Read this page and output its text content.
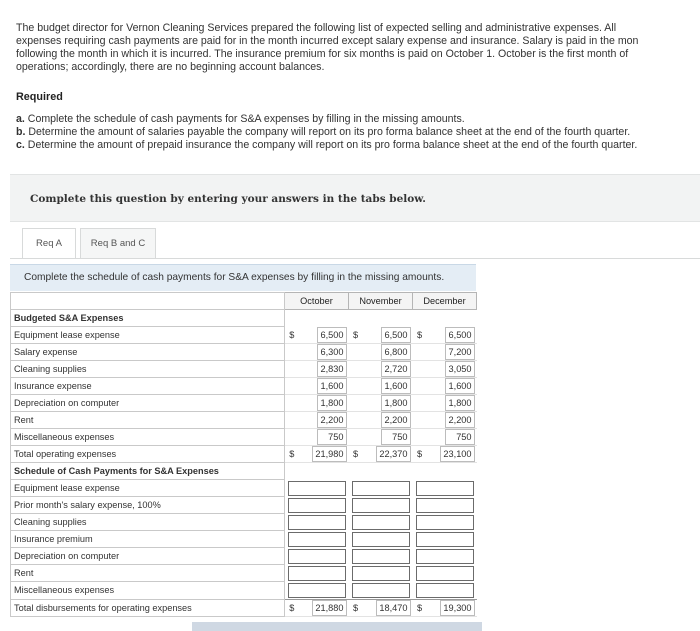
The budget director for Vernon Cleaning Services prepared the following list of expected selling and administrative expenses. All
expenses requiring cash payments are paid for in the month incurred except salary expense and insurance. Salary is paid in the mon
following the month in which it is incurred. The insurance premium for six months is paid on October 1. October is the first month of
operations; accordingly, there are no beginning account balances.
Required
a. Complete the schedule of cash payments for S&A expenses by filling in the missing amounts.
b. Determine the amount of salaries payable the company will report on its pro forma balance sheet at the end of the fourth quarter.
c. Determine the amount of prepaid insurance the company will report on its pro forma balance sheet at the end of the fourth quarter.
Complete this question by entering your answers in the tabs below.
Req A	Req B and C
Complete the schedule of cash payments for S&A expenses by filling in the missing amounts.
	October		November		December	
Budgeted S&A Expenses						
Equipment lease expense	$	6,500	$	6,500	$	6,500
Salary expense		6,300		6,800		7,200
Cleaning supplies		2,830		2,720		3,050
Insurance expense		1,600		1,600		1,600
Depreciation on computer		1,800		1,800		1,800
Rent		2,200		2,200		2,200
Miscellaneous expenses		750		750		750
Total operating expenses	$	21,980	$	22,370	$	23,100
Schedule of Cash Payments for S&A Expenses						
Equipment lease expense				

Prior month's salary expense, 100%				

Cleaning supplies				

Insurance premium				

Depreciation on computer				

Rent				

Miscellaneous expenses				

Total disbursements for operating expenses	$	21,880	$	18,470	$	19,300
